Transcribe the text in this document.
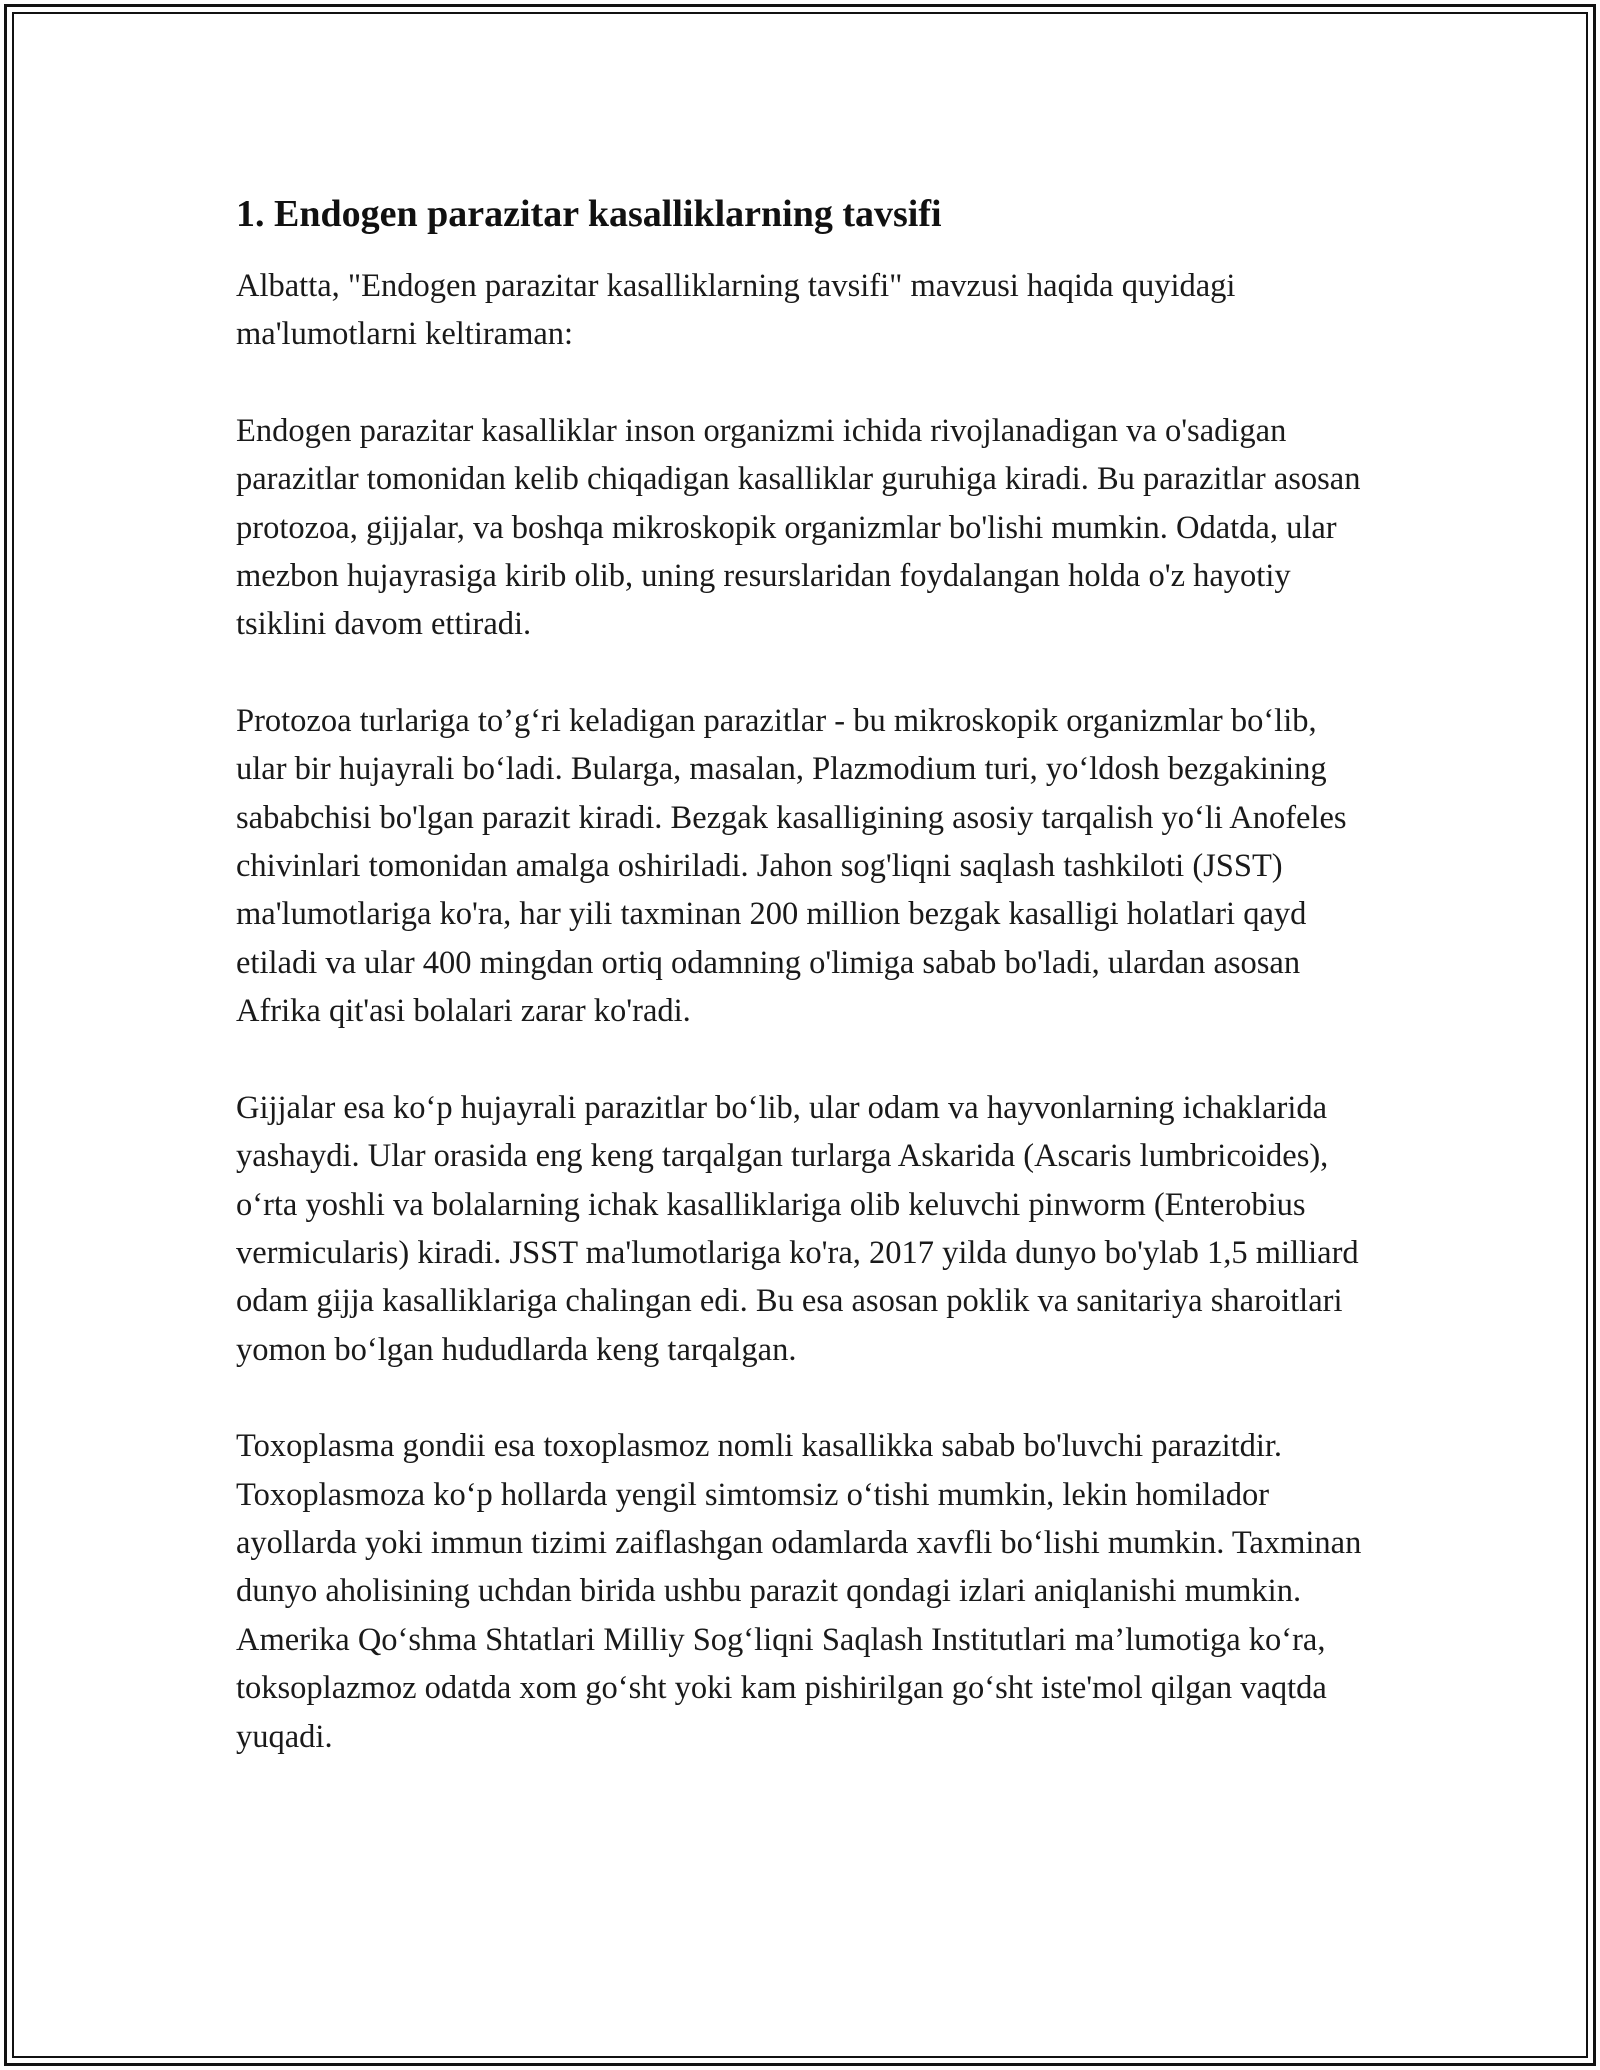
1. Endogen parazitar kasalliklarning tavsifi

Albatta, "Endogen parazitar kasalliklarning tavsifi" mavzusi haqida quyidagi ma'lumotlarni keltiraman:

Endogen parazitar kasalliklar inson organizmi ichida rivojlanadigan va o'sadigan parazitlar tomonidan kelib chiqadigan kasalliklar guruhiga kiradi. Bu parazitlar asosan protozoa, gijjalar, va boshqa mikroskopik organizmlar bo'lishi mumkin. Odatda, ular mezbon hujayrasiga kirib olib, uning resurslaridan foydalangan holda o'z hayotiy tsiklini davom ettiradi.

Protozoa turlariga to’g‘ri keladigan parazitlar - bu mikroskopik organizmlar bo‘lib, ular bir hujayrali bo‘ladi. Bularga, masalan, Plazmodium turi, yo‘ldosh bezgakining sababchisi bo'lgan parazit kiradi. Bezgak kasalligining asosiy tarqalish yo‘li Anofeles chivinlari tomonidan amalga oshiriladi. Jahon sog'liqni saqlash tashkiloti (JSST) ma'lumotlariga ko'ra, har yili taxminan 200 million bezgak kasalligi holatlari qayd etiladi va ular 400 mingdan ortiq odamning o'limiga sabab bo'ladi, ulardan asosan Afrika qit'asi bolalari zarar ko'radi.

Gijjalar esa ko‘p hujayrali parazitlar bo‘lib, ular odam va hayvonlarning ichaklarida yashaydi. Ular orasida eng keng tarqalgan turlarga Askarida (Ascaris lumbricoides), o‘rta yoshli va bolalarning ichak kasalliklariga olib keluvchi pinworm (Enterobius vermicularis) kiradi. JSST ma'lumotlariga ko'ra, 2017 yilda dunyo bo'ylab 1,5 milliard odam gijja kasalliklariga chalingan edi. Bu esa asosan poklik va sanitariya sharoitlari yomon bo‘lgan hududlarda keng tarqalgan.

Toxoplasma gondii esa toxoplasmoz nomli kasallikka sabab bo'luvchi parazitdir. Toxoplasmoza ko‘p hollarda yengil simtomsiz o‘tishi mumkin, lekin homilador ayollarda yoki immun tizimi zaiflashgan odamlarda xavfli bo‘lishi mumkin. Taxminan dunyo aholisining uchdan birida ushbu parazit qondagi izlari aniqlanishi mumkin. Amerika Qo‘shma Shtatlari Milliy Sog‘liqni Saqlash Institutlari ma’lumotiga ko‘ra, toksoplazmoz odatda xom go‘sht yoki kam pishirilgan go‘sht iste'mol qilgan vaqtda yuqadi.
